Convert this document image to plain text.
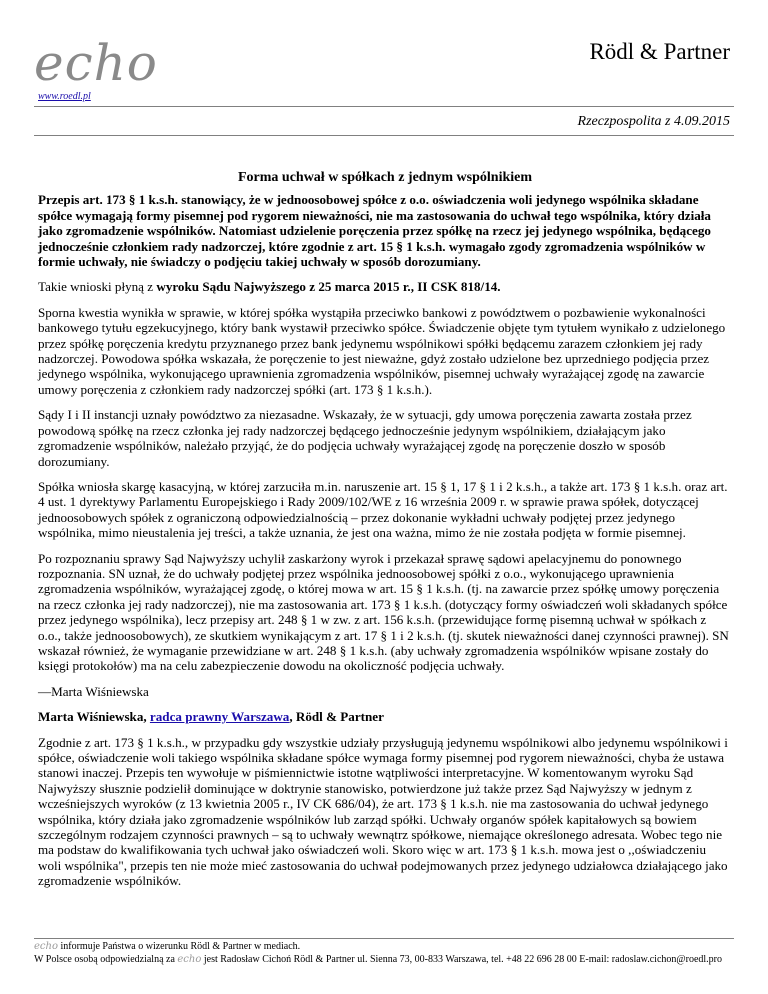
echo
www.roedl.pl
Rödl & Partner
Rzeczpospolita z 4.09.2015

Forma uchwał w spółkach z jednym wspólnikiem

Przepis art. 173 § 1 k.s.h. stanowiący, że w jednoosobowej spółce z o.o. oświadczenia woli jedynego wspólnika składane spółce wymagają formy pisemnej pod rygorem nieważności, nie ma zastosowania do uchwał tego wspólnika, który działa jako zgromadzenie wspólników. Natomiast udzielenie poręczenia przez spółkę na rzecz jej jedynego wspólnika, będącego jednocześnie członkiem rady nadzorczej, które zgodnie z art. 15 § 1 k.s.h. wymagało zgody zgromadzenia wspólników w formie uchwały, nie świadczy o podjęciu takiej uchwały w sposób dorozumiany.

Takie wnioski płyną z wyroku Sądu Najwyższego z 25 marca 2015 r., II CSK 818/14.

Sporna kwestia wynikła w sprawie, w której spółka wystąpiła przeciwko bankowi z powództwem o pozbawienie wykonalności bankowego tytułu egzekucyjnego, który bank wystawił przeciwko spółce. Świadczenie objęte tym tytułem wynikało z udzielonego przez spółkę poręczenia kredytu przyznanego przez bank jedynemu wspólnikowi spółki będącemu zarazem członkiem jej rady nadzorczej. Powodowa spółka wskazała, że poręczenie to jest nieważne, gdyż zostało udzielone bez uprzedniego podjęcia przez jedynego wspólnika, wykonującego uprawnienia zgromadzenia wspólników, pisemnej uchwały wyrażającej zgodę na zawarcie umowy poręczenia z członkiem rady nadzorczej spółki (art. 173 § 1 k.s.h.).

Sądy I i II instancji uznały powództwo za niezasadne. Wskazały, że w sytuacji, gdy umowa poręczenia zawarta została przez powodową spółkę na rzecz członka jej rady nadzorczej będącego jednocześnie jedynym wspólnikiem, działającym jako zgromadzenie wspólników, należało przyjąć, że do podjęcia uchwały wyrażającej zgodę na poręczenie doszło w sposób dorozumiany.

Spółka wniosła skargę kasacyjną, w której zarzuciła m.in. naruszenie art. 15 § 1, 17 § 1 i 2 k.s.h., a także art. 173 § 1 k.s.h. oraz art. 4 ust. 1 dyrektywy Parlamentu Europejskiego i Rady 2009/102/WE z 16 września 2009 r. w sprawie prawa spółek, dotyczącej jednoosobowych spółek z ograniczoną odpowiedzialnością – przez dokonanie wykładni uchwały podjętej przez jedynego wspólnika, mimo nieustalenia jej treści, a także uznania, że jest ona ważna, mimo że nie została podjęta w formie pisemnej.

Po rozpoznaniu sprawy Sąd Najwyższy uchylił zaskarżony wyrok i przekazał sprawę sądowi apelacyjnemu do ponownego rozpoznania. SN uznał, że do uchwały podjętej przez wspólnika jednoosobowej spółki z o.o., wykonującego uprawnienia zgromadzenia wspólników, wyrażającej zgodę, o której mowa w art. 15 § 1 k.s.h. (tj. na zawarcie przez spółkę umowy poręczenia na rzecz członka jej rady nadzorczej), nie ma zastosowania art. 173 § 1 k.s.h. (dotyczący formy oświadczeń woli składanych spółce przez jedynego wspólnika), lecz przepisy art. 248 § 1 w zw. z art. 156 k.s.h. (przewidujące formę pisemną uchwał w spółkach z o.o., także jednoosobowych), ze skutkiem wynikającym z art. 17 § 1 i 2 k.s.h. (tj. skutek nieważności danej czynności prawnej). SN wskazał również, że wymaganie przewidziane w art. 248 § 1 k.s.h. (aby uchwały zgromadzenia wspólników wpisane zostały do księgi protokołów) ma na celu zabezpieczenie dowodu na okoliczność podjęcia uchwały.

—Marta Wiśniewska

Marta Wiśniewska, radca prawny Warszawa, Rödl & Partner

Zgodnie z art. 173 § 1 k.s.h., w przypadku gdy wszystkie udziały przysługują jedynemu wspólnikowi albo jedynemu wspólnikowi i spółce, oświadczenie woli takiego wspólnika składane spółce wymaga formy pisemnej pod rygorem nieważności, chyba że ustawa stanowi inaczej. Przepis ten wywołuje w piśmiennictwie istotne wątpliwości interpretacyjne. W komentowanym wyroku Sąd Najwyższy słusznie podzielił dominujące w doktrynie stanowisko, potwierdzone już także przez Sąd Najwyższy w jednym z wcześniejszych wyroków (z 13 kwietnia 2005 r., IV CK 686/04), że art. 173 § 1 k.s.h. nie ma zastosowania do uchwał jedynego wspólnika, który działa jako zgromadzenie wspólników lub zarząd spółki. Uchwały organów spółek kapitałowych są bowiem szczególnym rodzajem czynności prawnych – są to uchwały wewnątrz spółkowe, niemające określonego adresata. Wobec tego nie ma podstaw do kwalifikowania tych uchwał jako oświadczeń woli. Skoro więc w art. 173 § 1 k.s.h. mowa jest o ,,oświadczeniu woli wspólnika", przepis ten nie może mieć zastosowania do uchwał podejmowanych przez jedynego udziałowca działającego jako zgromadzenie wspólników.

echo informuje Państwa o wizerunku Rödl & Partner w mediach.
W Polsce osobą odpowiedzialną za echo jest Radosław Cichoń Rödl & Partner ul. Sienna 73, 00-833 Warszawa, tel. +48 22 696 28 00 E-mail: radoslaw.cichon@roedl.pro
